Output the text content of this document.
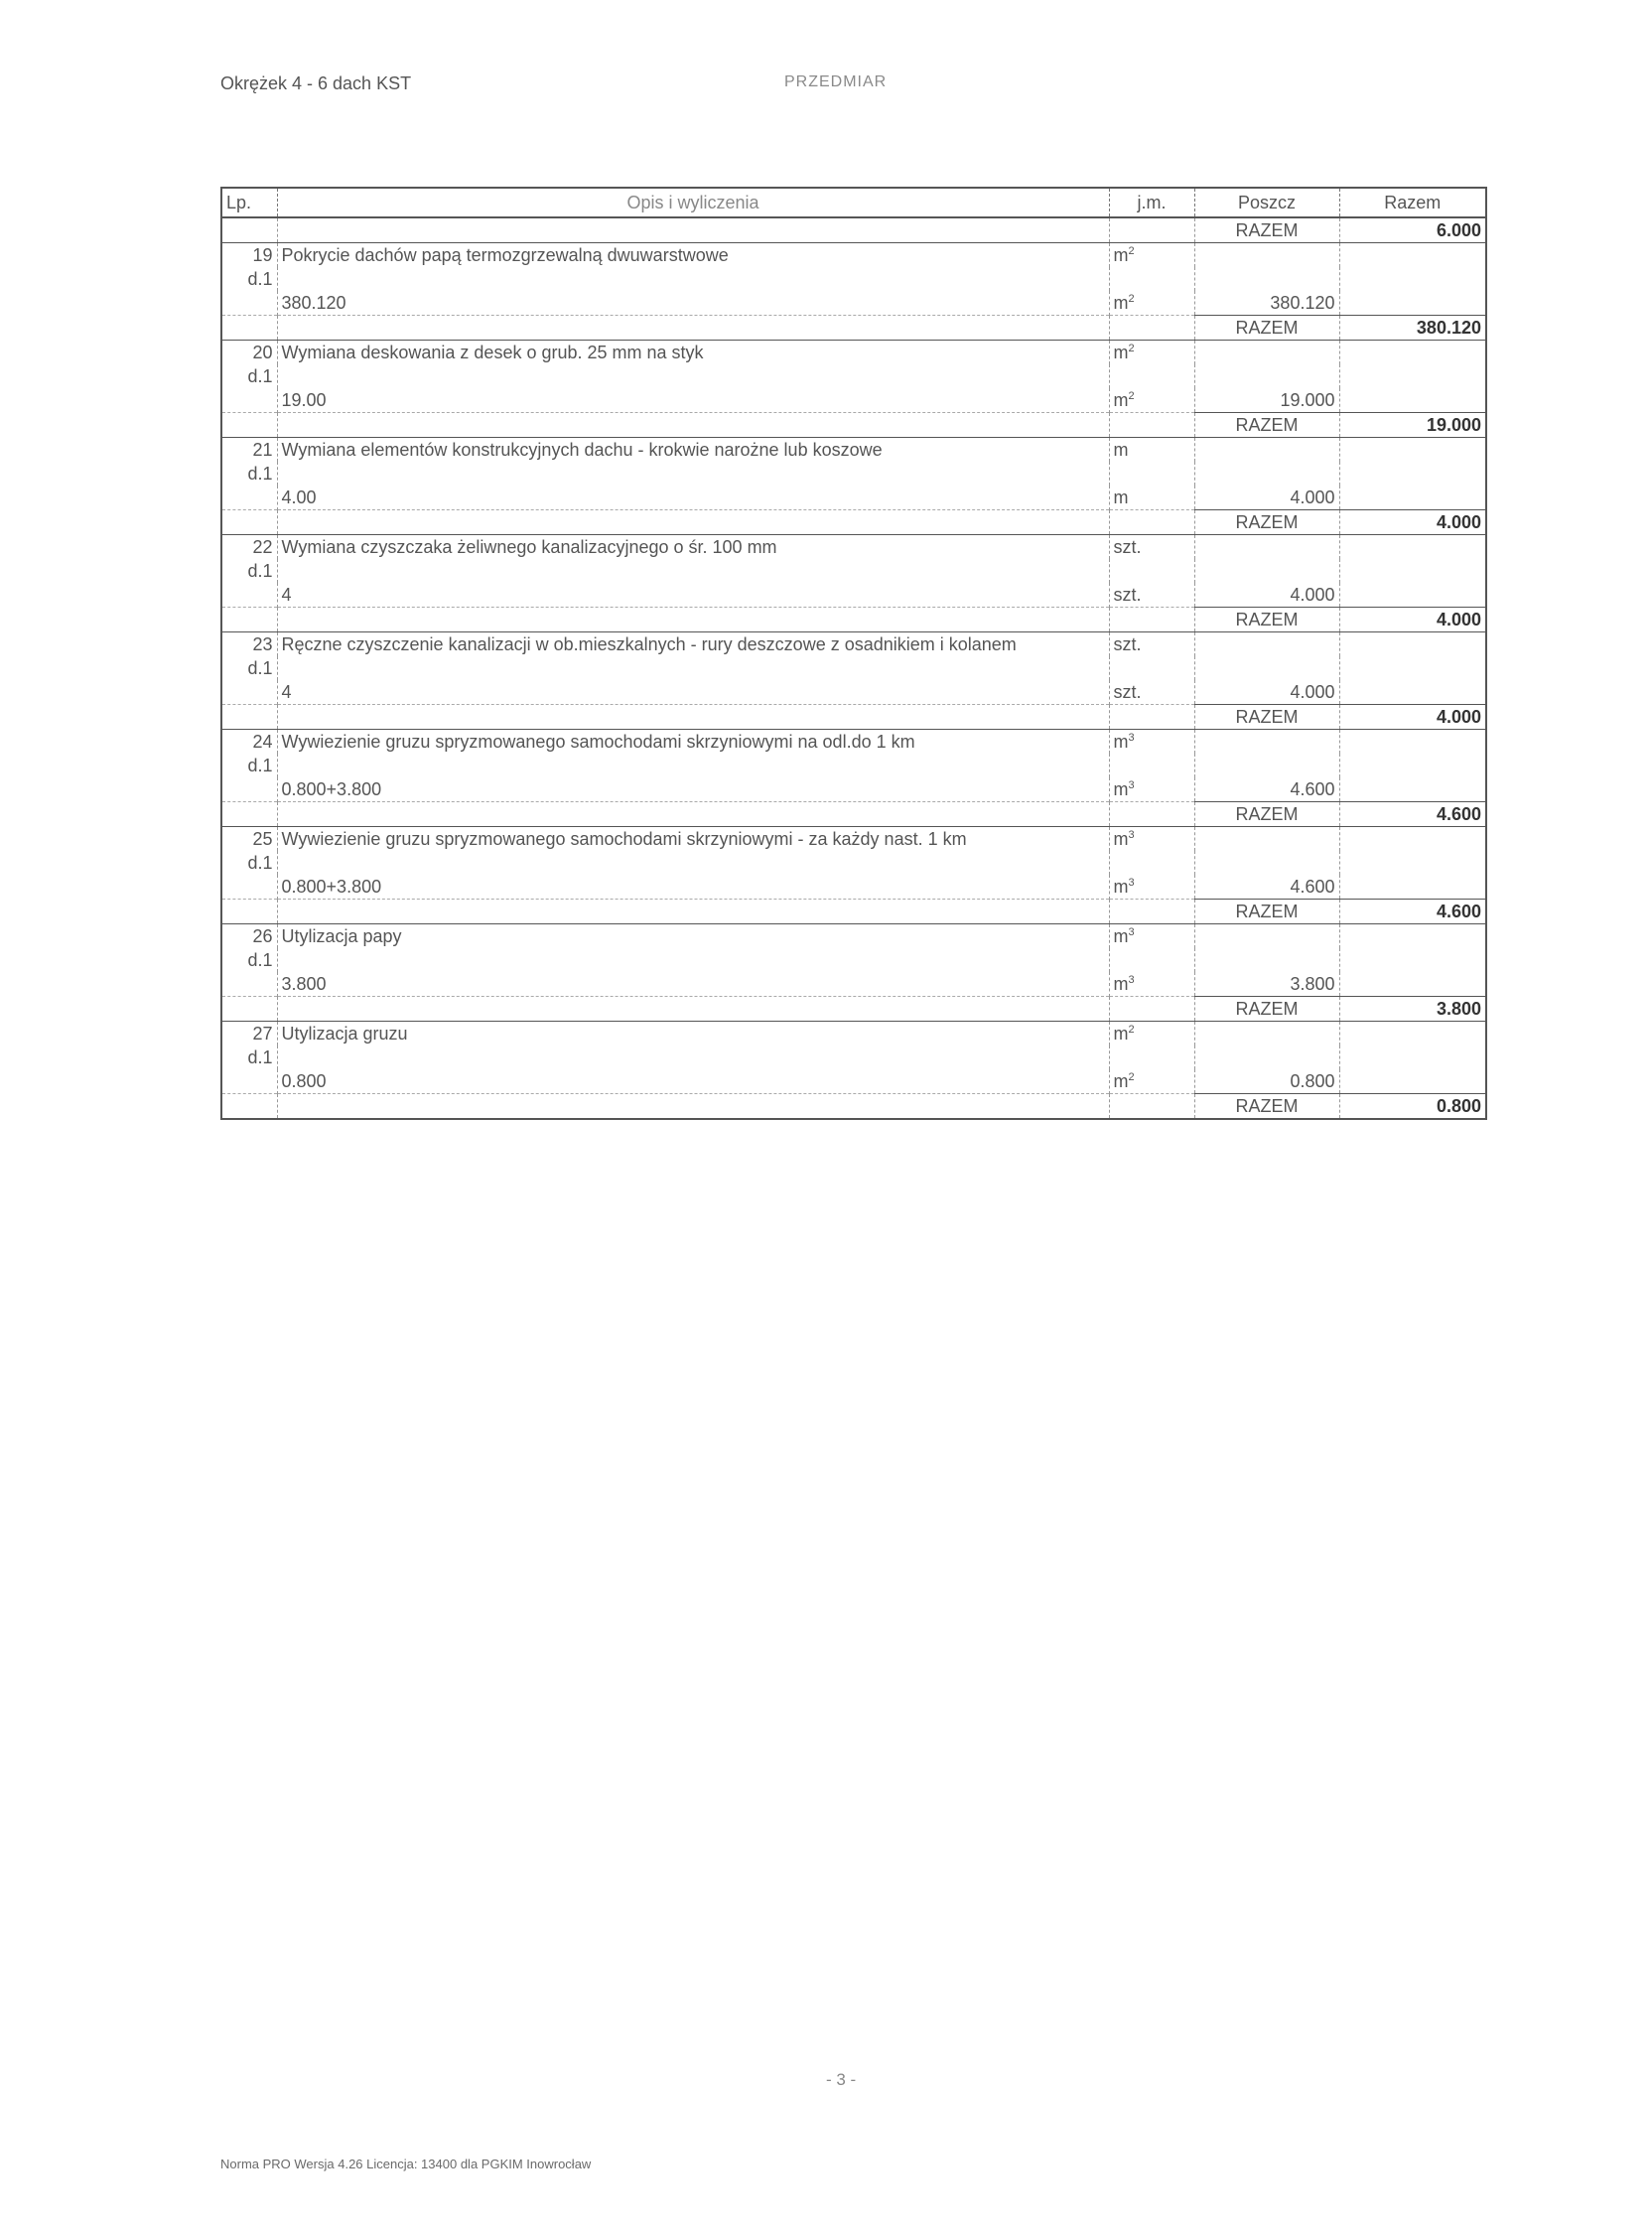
Okrężek 4 - 6 dach KST	PRZEDMIAR
Lp.	Opis i wyliczenia	j.m.	Poszcz	Razem
			RAZEM	6.000
19	Pokrycie dachów papą termozgrzewalną dwuwarstwowe	$m^2$		
d.1				
	380.120	$m^2$	380.120	
			RAZEM	380.120
20	Wymiana deskowania z desek o grub. 25 mm na styk	$m^2$		
d.1				
	19.00	$m^2$	19.000	
			RAZEM	19.000
21	Wymiana elementów konstrukcyjnych dachu - krokwie narożne lub koszowe	m		
d.1				
	4.00	m	4.000	
			RAZEM	4.000
22	Wymiana czyszczaka żeliwnego kanalizacyjnego o śr. 100 mm	szt.		
d.1				
	4	szt.	4.000	
			RAZEM	4.000
23	Ręczne czyszczenie kanalizacji w ob.mieszkalnych - rury deszczowe z osadnikiem i kolanem	szt.		
d.1				
	4	szt.	4.000	
			RAZEM	4.000
24	Wywiezienie gruzu spryzmowanego samochodami skrzyniowymi na odl.do 1 km	$m^3$		
d.1				
	0.800+3.800	$m^3$	4.600	
			RAZEM	4.600
25	Wywiezienie gruzu spryzmowanego samochodami skrzyniowymi - za każdy nast. 1 km	$m^3$		
d.1				
	0.800+3.800	$m^3$	4.600	
			RAZEM	4.600
26	Utylizacja papy	$m^3$		
d.1				
	3.800	$m^3$	3.800	
			RAZEM	3.800
27	Utylizacja gruzu	$m^2$		
d.1				
	0.800	$m^2$	0.800	
			RAZEM	0.800
- 3 -
Norma PRO Wersja 4.26 Licencja: 13400 dla PGKIM Inowrocław
